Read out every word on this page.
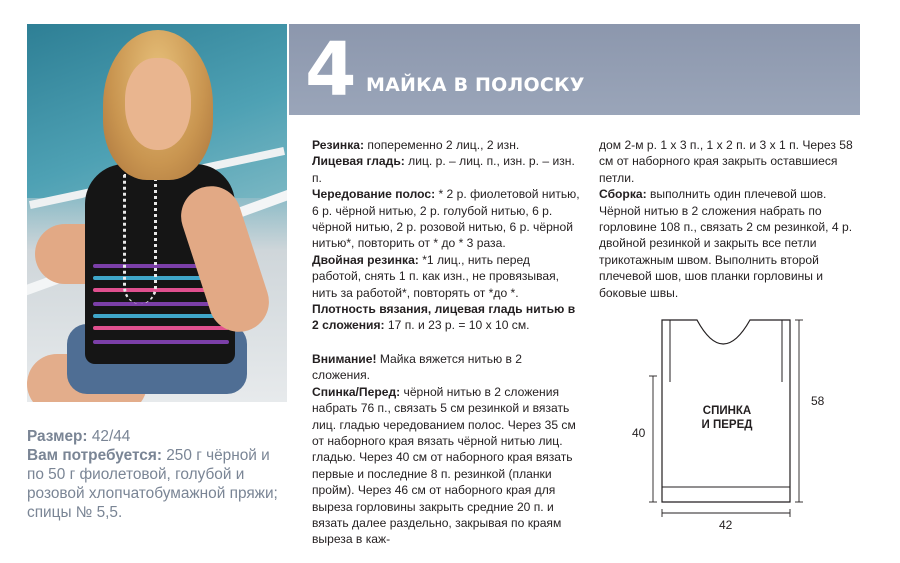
4 МАЙКА В ПОЛОСКУ

Резинка: попеременно 2 лиц., 2 изн.

Лицевая гладь: лиц. р. – лиц. п., изн. р. – изн. п.

Чередование полос: * 2 р. фиолетовой нитью, 6 р. чёрной нитью, 2 р. голубой нитью, 6 р. чёрной нитью, 2 р. розовой нитью, 6 р. чёрной нитью*, повторить от * до * 3 раза.

Двойная резинка: *1 лиц., нить перед работой, снять 1 п. как изн., не провязывая, нить за работой*, повторять от *до *.

Плотность вязания, лицевая гладь нитью в 2 сложения: 17 п. и 23 р. = 10 х 10 см.

Внимание! Майка вяжется нитью в 2 сложения.

Спинка/Перед: чёрной нитью в 2 сложения набрать 76 п., связать 5 см резинкой и вязать лиц. гладью чередованием полос. Через 35 см от наборного края вязать чёрной нитью лиц. гладью. Через 40 см от наборного края вязать первые и последние 8 п. резинкой (планки пройм). Через 46 см от наборного края для выреза горловины закрыть средние 20 п. и вязать далее раздельно, закрывая по краям выреза в каж-

дом 2-м р. 1 х 3 п., 1 х 2 п. и 3 х 1 п. Через 58 см от наборного края закрыть оставшиеся петли.

Сборка: выполнить один плечевой шов. Чёрной нитью в 2 сложения набрать по горловине 108 п., связать 2 см резинкой, 4 р. двойной резинкой и закрыть все петли трикотажным швом. Выполнить второй плечевой шов, шов планки горловины и боковые швы.

Размер: 42/44

Вам потребуется: 250 г чёрной и по 50 г фиолетовой, голубой и розовой хлопчатобумажной пряжи; спицы № 5,5.

СПИНКА
И ПЕРЕД
58
40
42
